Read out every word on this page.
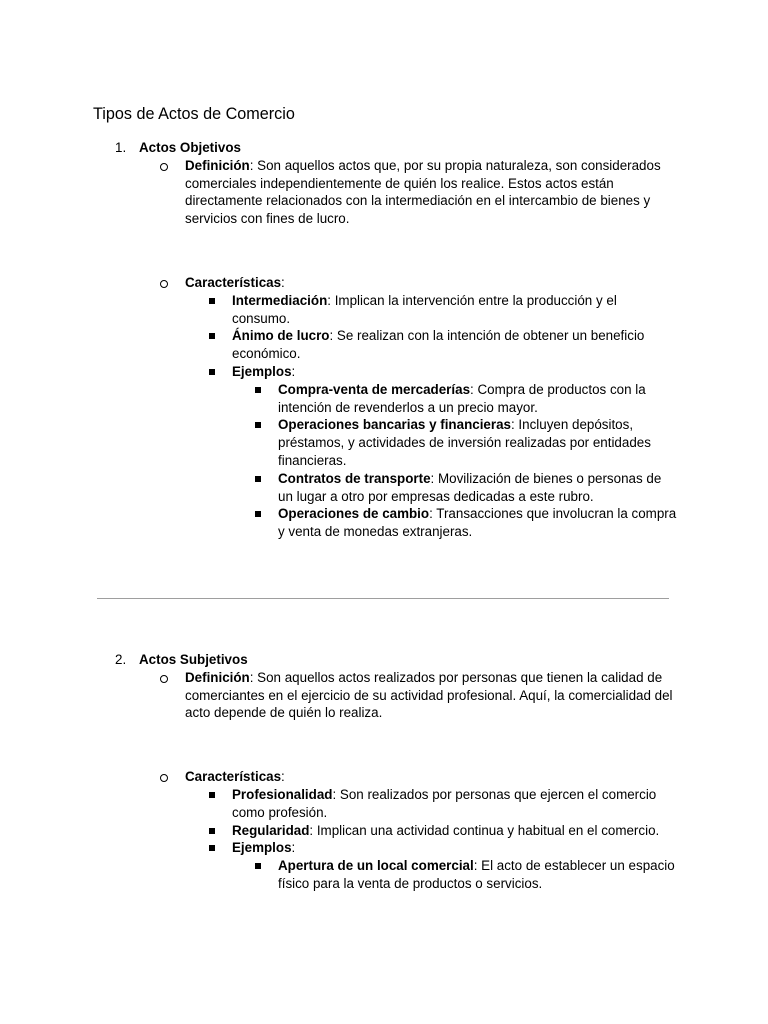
Tipos de Actos de Comercio
1. Actos Objetivos
Definición: Son aquellos actos que, por su propia naturaleza, son considerados comerciales independientemente de quién los realice. Estos actos están directamente relacionados con la intermediación en el intercambio de bienes y servicios con fines de lucro.
Características:
Intermediación: Implican la intervención entre la producción y el consumo.
Ánimo de lucro: Se realizan con la intención de obtener un beneficio económico.
Ejemplos:
Compra-venta de mercaderías: Compra de productos con la intención de revenderlos a un precio mayor.
Operaciones bancarias y financieras: Incluyen depósitos, préstamos, y actividades de inversión realizadas por entidades financieras.
Contratos de transporte: Movilización de bienes o personas de un lugar a otro por empresas dedicadas a este rubro.
Operaciones de cambio: Transacciones que involucran la compra y venta de monedas extranjeras.
2. Actos Subjetivos
Definición: Son aquellos actos realizados por personas que tienen la calidad de comerciantes en el ejercicio de su actividad profesional. Aquí, la comercialidad del acto depende de quién lo realiza.
Características:
Profesionalidad: Son realizados por personas que ejercen el comercio como profesión.
Regularidad: Implican una actividad continua y habitual en el comercio.
Ejemplos:
Apertura de un local comercial: El acto de establecer un espacio físico para la venta de productos o servicios.
